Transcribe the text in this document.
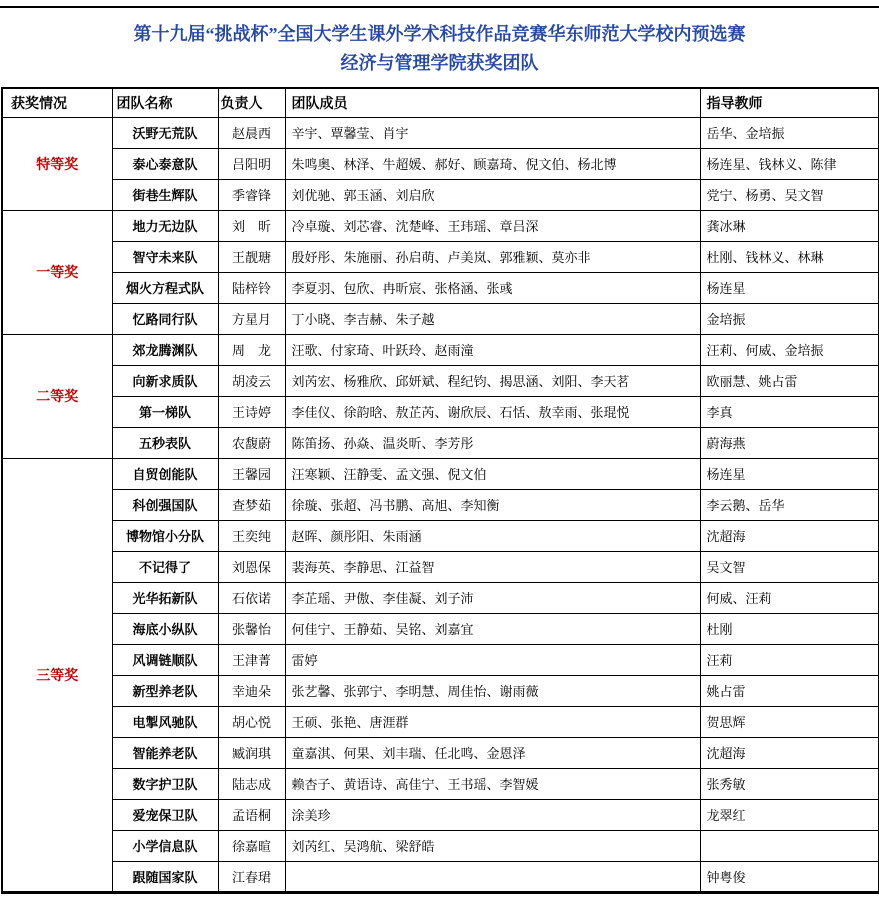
第十九届“挑战杯”全国大学生课外学术科技作品竞赛华东师范大学校内预选赛
经济与管理学院获奖团队
获奖情况	团队名称	负责人	团队成员	指导教师
特等奖	沃野无荒队	赵晨西	辛宇、覃馨莹、肖宇	岳华、金培振
	泰心泰意队	吕阳明	朱鸣奥、林泽、牛超媛、郝好、顾嘉琦、倪文伯、杨北博	杨连星、钱林义、陈律
	街巷生辉队	季睿锋	刘优驰、郭玉涵、刘启欣	党宁、杨勇、吴文智
一等奖	地力无边队	刘　昕	冷卓璇、刘芯睿、沈楚峰、王玮瑶、章吕深	龚冰琳
	智守未来队	王靓瑭	殷妤彤、朱施丽、孙启萌、卢美岚、郭雅颖、莫亦非	杜刚、钱林义、林琳
	烟火方程式队	陆梓铃	李夏羽、包欣、冉昕宸、张格涵、张彧	杨连星
	忆路同行队	方星月	丁小晓、李吉赫、朱子越	金培振
二等奖	郊龙腾渊队	周　龙	汪歌、付家琦、叶跃玲、赵雨潼	汪莉、何威、金培振
	向新求质队	胡凌云	刘芮宏、杨雅欣、邱妍斌、程纪钧、揭思涵、刘阳、李天茗	欧丽慧、姚占雷
	第一梯队	王诗婷	李佳仪、徐韵晗、敖芷芮、谢欣辰、石恬、敖幸雨、张琨悦	李真
	五秒表队	农馥蔚	陈笛扬、孙焱、温炎昕、李芳彤	蔚海燕
三等奖	自贸创能队	王馨园	汪寒颖、汪静雯、孟文强、倪文伯	杨连星
	科创强国队	查梦茹	徐璇、张超、冯书鹏、高旭、李知衡	李云鹅、岳华
	博物馆小分队	王奕纯	赵晖、颜彤阳、朱雨涵	沈超海
	不记得了	刘恩保	裴海英、李静思、江益智	吴文智
	光华拓新队	石依诺	李芷瑶、尹傲、李佳凝、刘子沛	何威、汪莉
	海底小纵队	张馨怡	何佳宁、王静茹、吴铭、刘嘉宜	杜刚
	风调链顺队	王津菁	雷婷	汪莉
	新型养老队	幸迪朵	张艺馨、张郭宁、李明慧、周佳怡、谢雨薇	姚占雷
	电掣风驰队	胡心悦	王硕、张艳、唐涯群	贺思辉
	智能养老队	臧润琪	童嘉淇、何果、刘丰瑞、任北鸣、金恩泽	沈超海
	数字护卫队	陆志成	赖杏子、黄语诗、高佳宁、王书瑶、李智媛	张秀敏
	爱宠保卫队	孟语桐	涂美珍	龙翠红
	小学信息队	徐嘉暄	刘芮红、吴鸿航、梁舒皓	
	跟随国家队	江春珺		钟粤俊
